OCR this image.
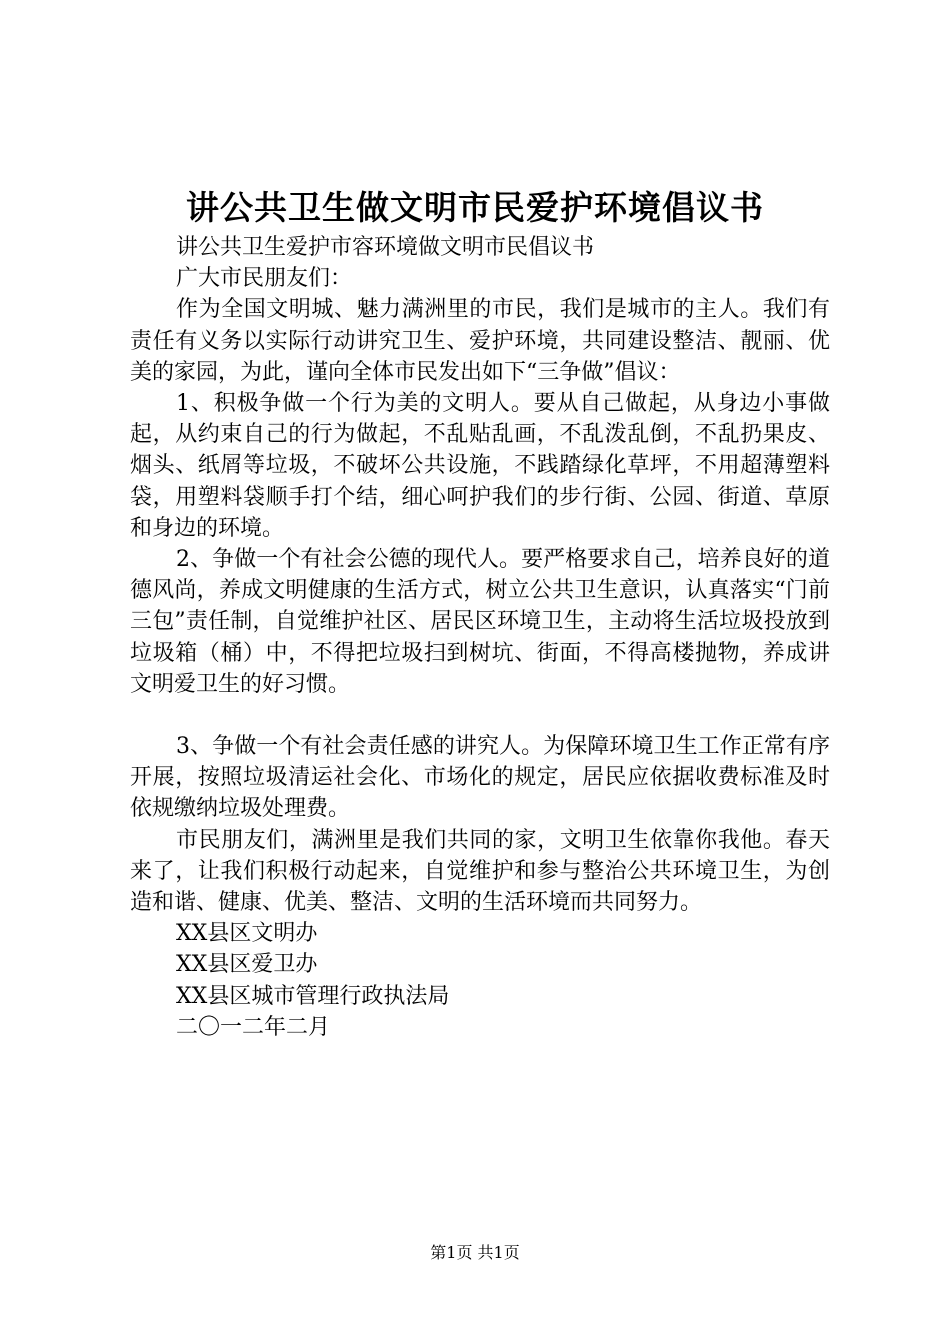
讲公共卫生做文明市民爱护环境倡议书

讲公共卫生爱护市容环境做文明市民倡议书

广大市民朋友们：

作为全国文明城、魅力满洲里的市民，我们是城市的主人。我们有责任有义务以实际行动讲究卫生、爱护环境，共同建设整洁、靓丽、优美的家园，为此，谨向全体市民发出如下“三争做”倡议：

1、积极争做一个行为美的文明人。要从自己做起，从身边小事做起，从约束自己的行为做起，不乱贴乱画，不乱泼乱倒，不乱扔果皮、烟头、纸屑等垃圾，不破坏公共设施，不践踏绿化草坪，不用超薄塑料袋，用塑料袋顺手打个结，细心呵护我们的步行街、公园、街道、草原和身边的环境。

2、争做一个有社会公德的现代人。要严格要求自己，培养良好的道德风尚，养成文明健康的生活方式，树立公共卫生意识，认真落实“门前三包”责任制，自觉维护社区、居民区环境卫生，主动将生活垃圾投放到垃圾箱（桶）中，不得把垃圾扫到树坑、街面，不得高楼抛物，养成讲文明爱卫生的好习惯。

3、争做一个有社会责任感的讲究人。为保障环境卫生工作正常有序开展，按照垃圾清运社会化、市场化的规定，居民应依据收费标准及时依规缴纳垃圾处理费。

市民朋友们，满洲里是我们共同的家，文明卫生依靠你我他。春天来了，让我们积极行动起来，自觉维护和参与整治公共环境卫生，为创造和谐、健康、优美、整洁、文明的生活环境而共同努力。

XX县区文明办

XX县区爱卫办

XX县区城市管理行政执法局

二〇一二年二月

第1页 共1页
